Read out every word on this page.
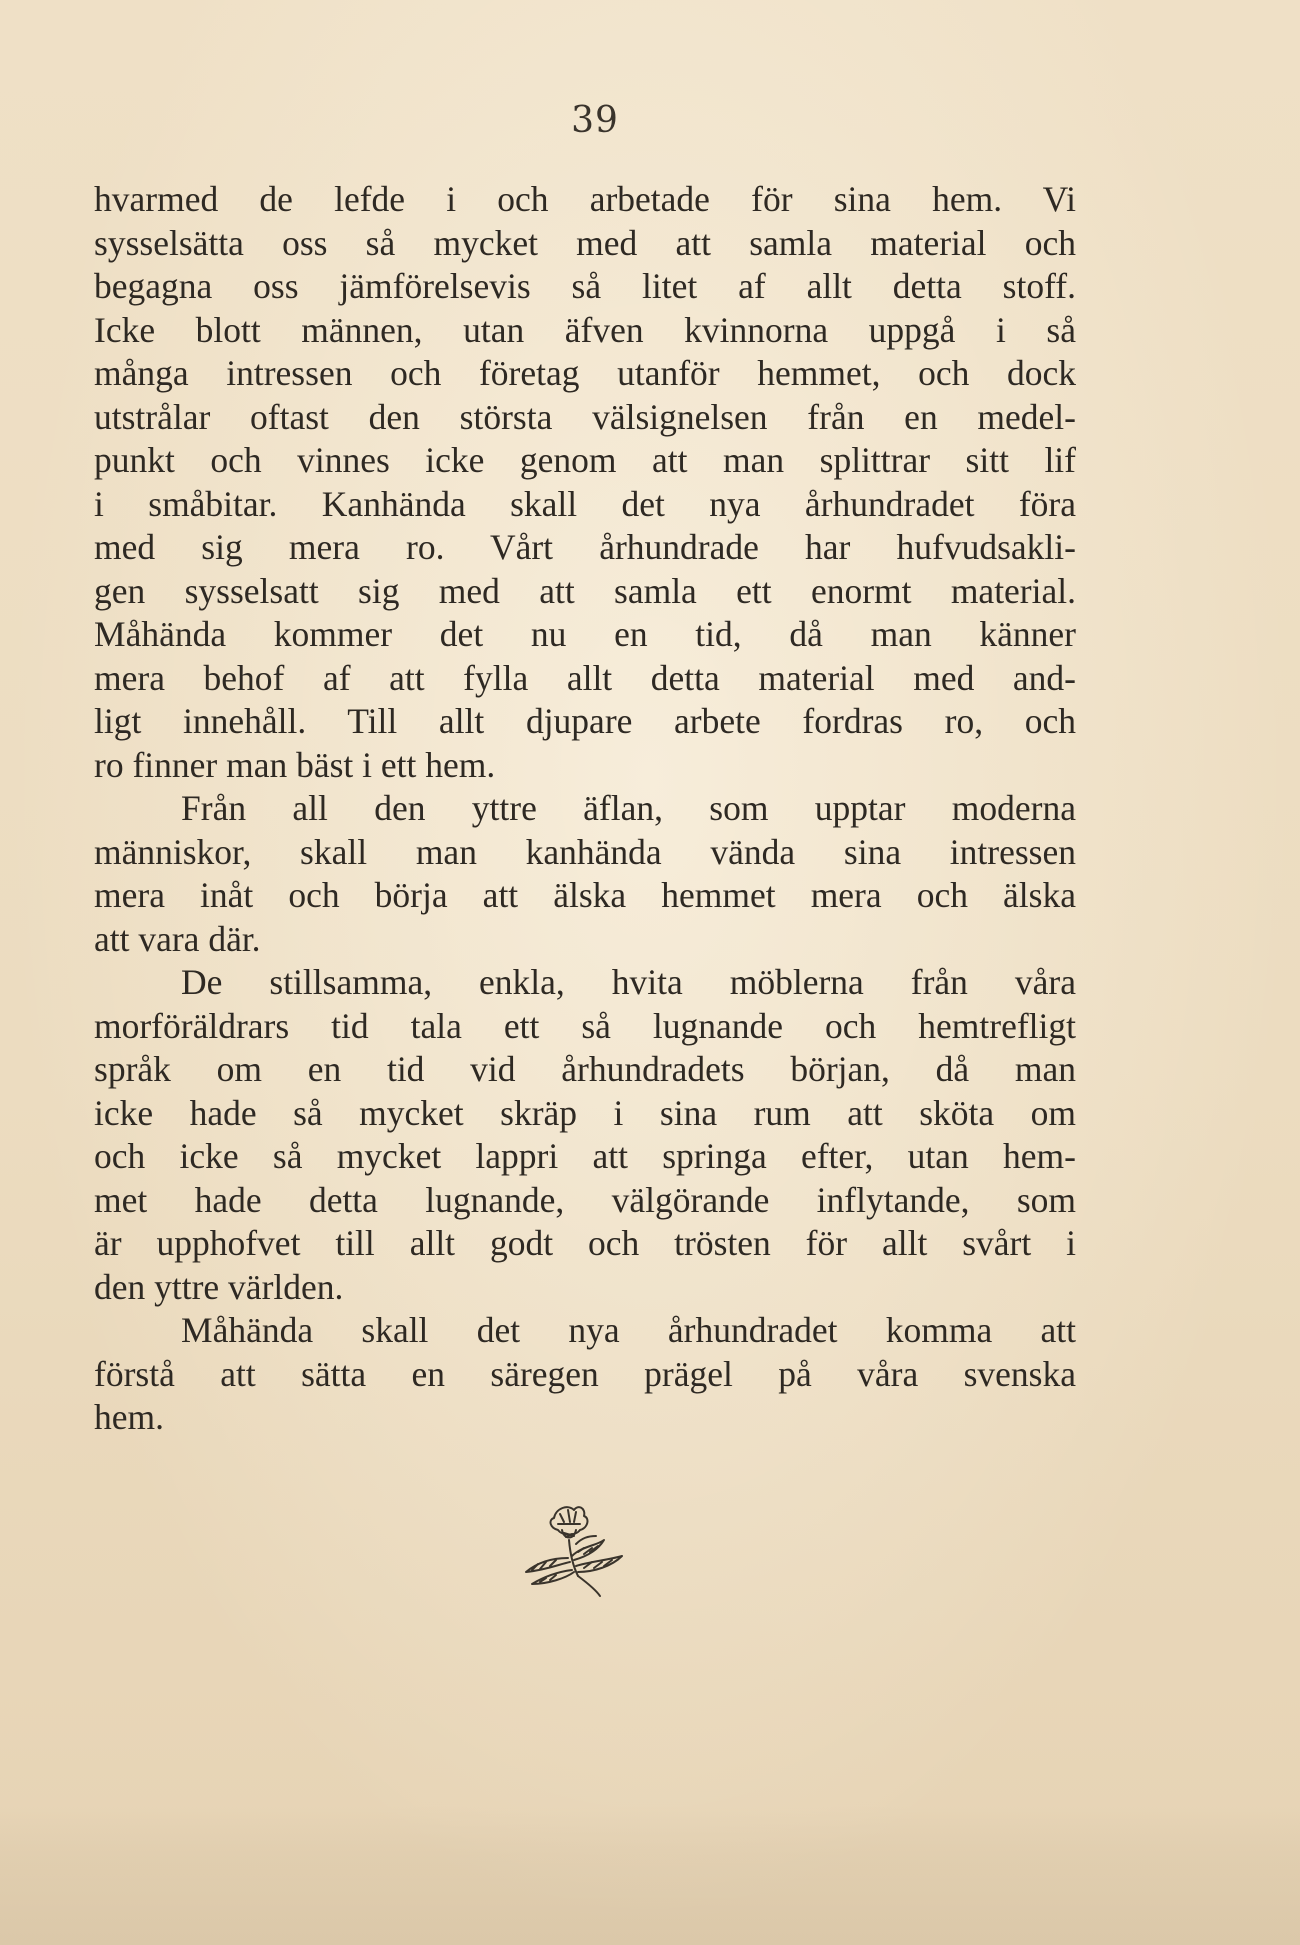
39
hvarmed de lefde i och arbetade för sina hem. Vi
sysselsätta oss så mycket med att samla material och
begagna oss jämförelsevis så litet af allt detta stoff.
Icke blott männen, utan äfven kvinnorna uppgå i så
många intressen och företag utanför hemmet, och dock
utstrålar oftast den största välsignelsen från en medel-
punkt och vinnes icke genom att man splittrar sitt lif
i småbitar. Kanhända skall det nya århundradet föra
med sig mera ro. Vårt århundrade har hufvudsakli-
gen sysselsatt sig med att samla ett enormt material.
Måhända kommer det nu en tid, då man känner
mera behof af att fylla allt detta material med and-
ligt innehåll. Till allt djupare arbete fordras ro, och
ro finner man bäst i ett hem.
Från all den yttre äflan, som upptar moderna
människor, skall man kanhända vända sina intressen
mera inåt och börja att älska hemmet mera och älska
att vara där.
De stillsamma, enkla, hvita möblerna från våra
morföräldrars tid tala ett så lugnande och hemtrefligt
språk om en tid vid århundradets början, då man
icke hade så mycket skräp i sina rum att sköta om
och icke så mycket lappri att springa efter, utan hem-
met hade detta lugnande, välgörande inflytande, som
är upphofvet till allt godt och trösten för allt svårt i
den yttre världen.
Måhända skall det nya århundradet komma att
förstå att sätta en säregen prägel på våra svenska
hem.
